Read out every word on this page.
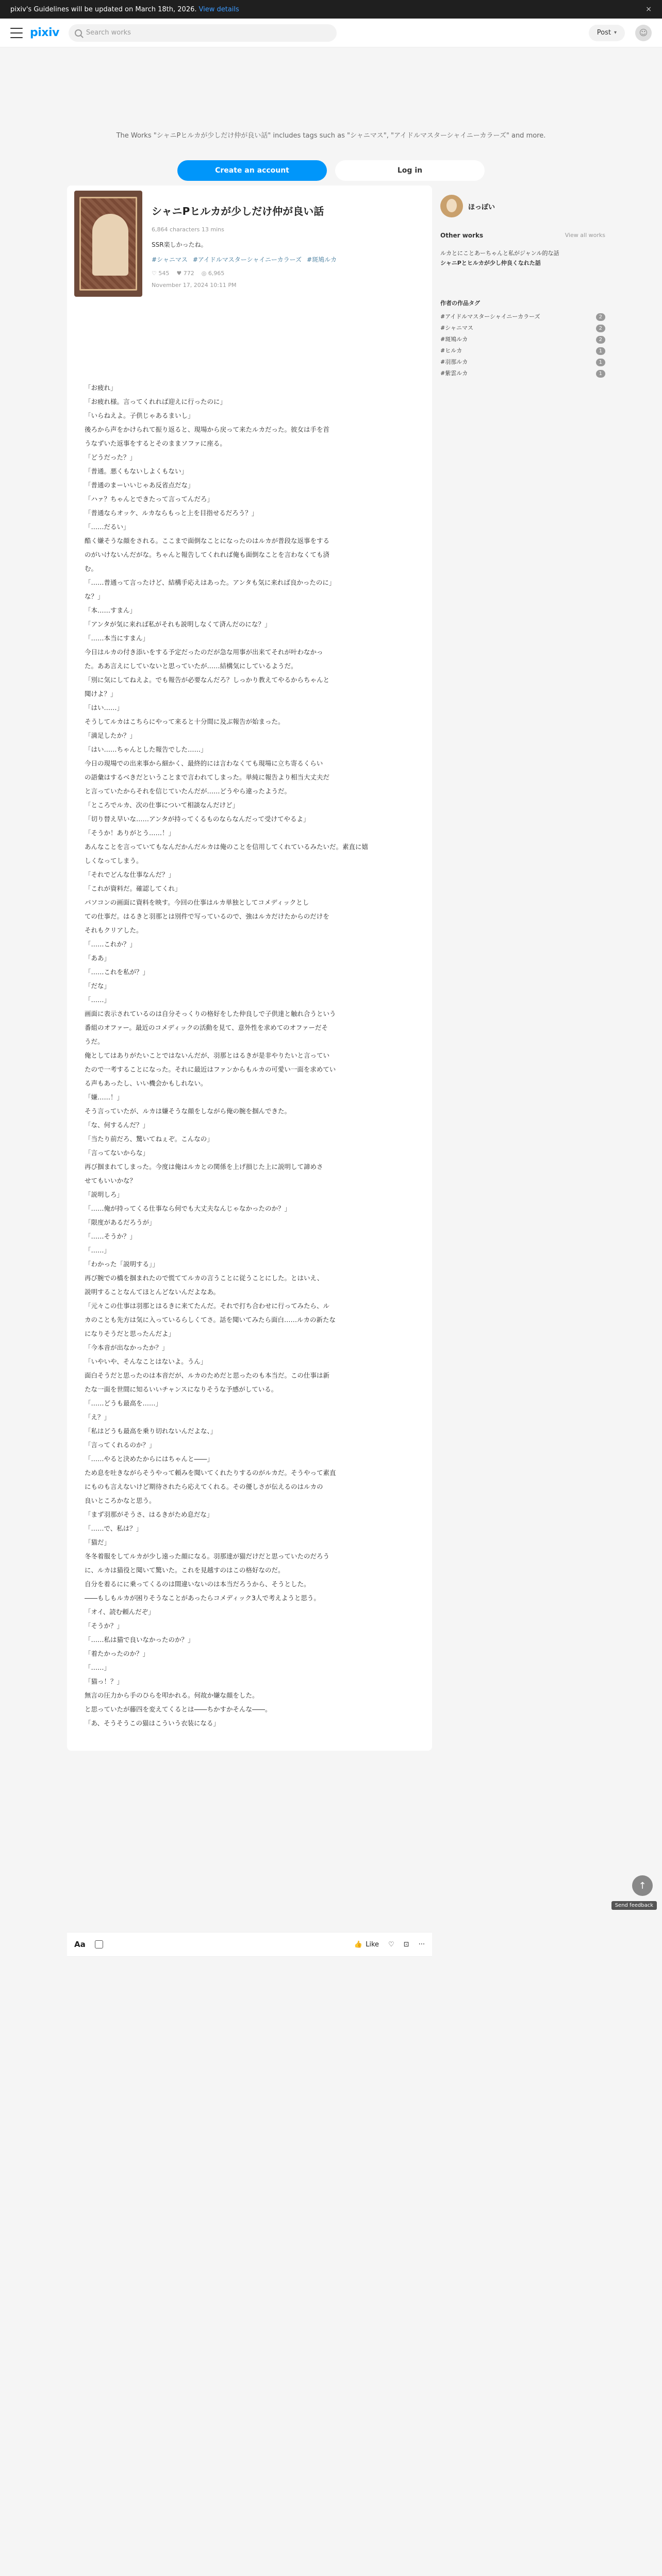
pixiv's Guidelines will be updated on March 18th, 2026. View details	×
pixiv	Search works	Post ▾	☺
The Works "シャニPヒルカが少しだけ仲が良い話" includes tags such as "シャニマス", "アイドルマスターシャイニーカラーズ" and more.
Create an account	Log in
シャニPヒルカが少しだけ仲が良い話
6,864 characters 13 mins
SSR楽しかったね。
#シャニマス #アイドルマスターシャイニーカラーズ #斑鳩ルカ
♡ 545 ♥ 772 ◎ 6,965
November 17, 2024 10:11 PM

「お疲れ」

「お疲れ様。言ってくれれば迎えに行ったのに」

「いらねえよ。子供じゃあるまいし」

後ろから声をかけられて振り返ると、現場から戻って来たルカだった。彼女は手を首

うなずいた返事をするとそのままソファに座る。

「どうだった？」

「普通。悪くもないしよくもない」

「普通のまーいいじゃあ反省点だな」

「ハァ？ちゃんとできたって言ってんだろ」

「普通ならオッケ、ルカならもっと上を目指せるだろう？」

「……だるい」

酷く嫌そうな顔をされる。ここまで面倒なことになったのはルカが普段な返事をする

のがいけないんだがな。ちゃんと報告してくれれば俺も面倒なことを言わなくても済

む。

「……普通って言ったけど、結構手応えはあった。アンタも気に来れば良かったのに」

な？」

「本……すまん」

「アンタが気に来れば私がそれも説明しなくて済んだのにな？」

「……本当にすまん」

今日はルカの付き添いをする予定だったのだが急な用事が出来てそれが叶わなかっ

た。ああ言えにしていないと思っていたが……結構気にしているようだ。

「別に気にしてねえよ。でも報告が必要なんだろ？しっかり教えてやるからちゃんと

聞けよ？」

「はい……」

そうしてルカはこちらにやって来ると十分間に及ぶ報告が始まった。

「満足したか？」

「はい……ちゃんとした報告でした……」

今日の現場での出来事から細かく、最終的には言わなくても現場に立ち寄るくらい

の語彙はするべきだということまで言われてしまった。単純に報告より相当大丈夫だ

と言っていたからそれを信じていたんだが……どうやら違ったようだ。

「ところでルカ、次の仕事について相談なんだけど」

「切り替え早いな……アンタが持ってくるものならなんだって受けてやるよ」

「そうか！ありがとう……！」

あんなことを言っていてもなんだかんだルカは俺のことを信用してくれているみたいだ。素直に嬉

しくなってしまう。

「それでどんな仕事なんだ？」

「これが資料だ。確認してくれ」

パソコンの画面に資料を映す。今回の仕事はルカ単独としてコメディックとし

ての仕事だ。はるきと羽那とは別件で写っているので、強はルカだけたからのだけを

それもクリアした。

「……これか？」

「ああ」

「……これを私が？」

「だな」

「……」

画面に表示されているのは自分そっくりの格好をした仲良しで子供達と触れ合うという

番組のオファー。最近のコメディックの活動を見て、意外性を求めてのオファーだそ

うだ。

俺としてはありがたいことではないんだが、羽那とはるきが是非やりたいと言ってい

たので一考することになった。それに最近はファンからもルカの可愛い一面を求めてい

る声もあったし、いい機会かもしれない。

「嫌……！」

そう言っていたが、ルカは嫌そうな顔をしながら俺の腕を掴んできた。

「な、何するんだ？」

「当たり前だろ、驚いてねぇぞ。こんなの」

「言ってないからな」

再び掴まれてしまった。今度は俺はルカとの関係を上げ損じた上に説明して諦めさ

せてもいいかな？

「説明しろ」

「……俺が持ってくる仕事なら何でも大丈夫なんじゃなかったのか？」

「限度があるだろうが」

「……そうか？」

「……」

「わかった「説明する」」

再び腕での橋を掴まれたので慌ててルカの言うことに従うことにした。とはいえ、

説明することなんてほとんどないんだよなあ。

「元々この仕事は羽那とはるきに来てたんだ。それで打ち合わせに行ってみたら、ル

カのことも先方は気に入っているらしくてさ。話を聞いてみたら面白……ルカの新たな

になりそうだと思ったんだよ」

「今本音が出なかったか？」

「いやいや、そんなことはないよ。うん」

面白そうだと思ったのは本音だが、ルカのためだと思ったのも本当だ。この仕事は新

たな一面を世間に知るいいチャンスになりそうな予感がしている。

「……どうも最高を……」

「え？」

「私はどうも最高を乗り切れないんだよな、」

「言ってくれるのか？」

「……やると決めたからにはちゃんと――」

ため息を吐きながらそうやって頼みを聞いてくれたりするのがルカだ。そうやって素直

にものも言えないけど期待されたら応えてくれる。その優しさが伝えるのはルカの

良いところかなと思う。

「まず羽那がそうさ、はるきがため息だな」

「……で、私は？」

「猫だ」

冬冬着服をしてルカが少し遠った顔になる。羽那達が猫だけだと思っていたのだろう

に、ルカは猫役と聞いて驚いた。これを見越すのはこの格好なのだ。

自分を着るにに乗ってくるのは間違いないのは本当だろうから、そうとした。

――もしもルカが困りそうなことがあったらコメディック3人で考えようと思う。

「オイ、読む頼んだぞ」

「そうか？」

「……私は猫で良いなかったのか？」

「着たかったのか？」

「……」

「猫っ！？」

無言の圧力から手のひらを叩かれる。何故か嫌な顔をした。

と思っていたが藤四を変えてくるとは――ちかすかそんな――。

「あ、そうそうこの猫はこういう衣装になる」

ほっぽい
Other works	View all works
ルカとにことあーちゃんと私がジャンル的な話
シャニPとヒルカが少し仲良くなれた話
作者の作品タグ
#アイドルマスターシャイニーカラーズ	2
#シャニマス	2
#斑鳩ルカ	2
#ヒルカ	1
#羽那ルカ	1
#紫雲ルカ	1
Aa	👍 Like ♡ ⊡ ···
↑
Send feedback
